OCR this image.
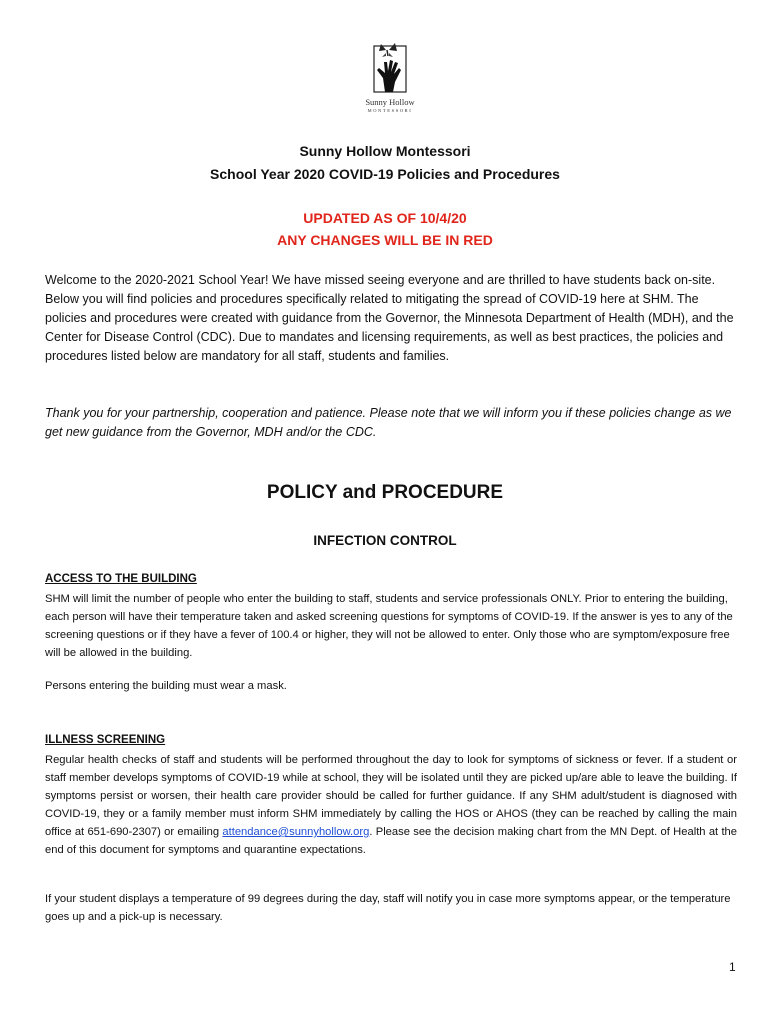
Sunny Hollow
MONTESSORI
Sunny Hollow Montessori
School Year 2020 COVID-19 Policies and Procedures
UPDATED AS OF 10/4/20
ANY CHANGES WILL BE IN RED

Welcome to the 2020-2021 School Year! We have missed seeing everyone and are thrilled to have students back on-site. Below you will find policies and procedures specifically related to mitigating the spread of COVID-19 here at SHM. The policies and procedures were created with guidance from the Governor, the Minnesota Department of Health (MDH), and the Center for Disease Control (CDC). Due to mandates and licensing requirements, as well as best practices, the policies and procedures listed below are mandatory for all staff, students and families.

Thank you for your partnership, cooperation and patience. Please note that we will inform you if these policies change as we get new guidance from the Governor, MDH and/or the CDC.

POLICY and PROCEDURE
INFECTION CONTROL

ACCESS TO THE BUILDING

SHM will limit the number of people who enter the building to staff, students and service professionals ONLY. Prior to entering the building, each person will have their temperature taken and asked screening questions for symptoms of COVID-19. If the answer is yes to any of the screening questions or if they have a fever of 100.4 or higher, they will not be allowed to enter. Only those who are symptom/exposure free will be allowed in the building.

Persons entering the building must wear a mask.

ILLNESS SCREENING

Regular health checks of staff and students will be performed throughout the day to look for symptoms of sickness or fever. If a student or staff member develops symptoms of COVID-19 while at school, they will be isolated until they are picked up/are able to leave the building. If symptoms persist or worsen, their health care provider should be called for further guidance. If any SHM adult/student is diagnosed with COVID-19, they or a family member must inform SHM immediately by calling the HOS or AHOS (they can be reached by calling the main office at 651-690-2307) or emailing attendance@sunnyhollow.org. Please see the decision making chart from the MN Dept. of Health at the end of this document for symptoms and quarantine expectations.

If your student displays a temperature of 99 degrees during the day, staff will notify you in case more symptoms appear, or the temperature goes up and a pick-up is necessary.

1
